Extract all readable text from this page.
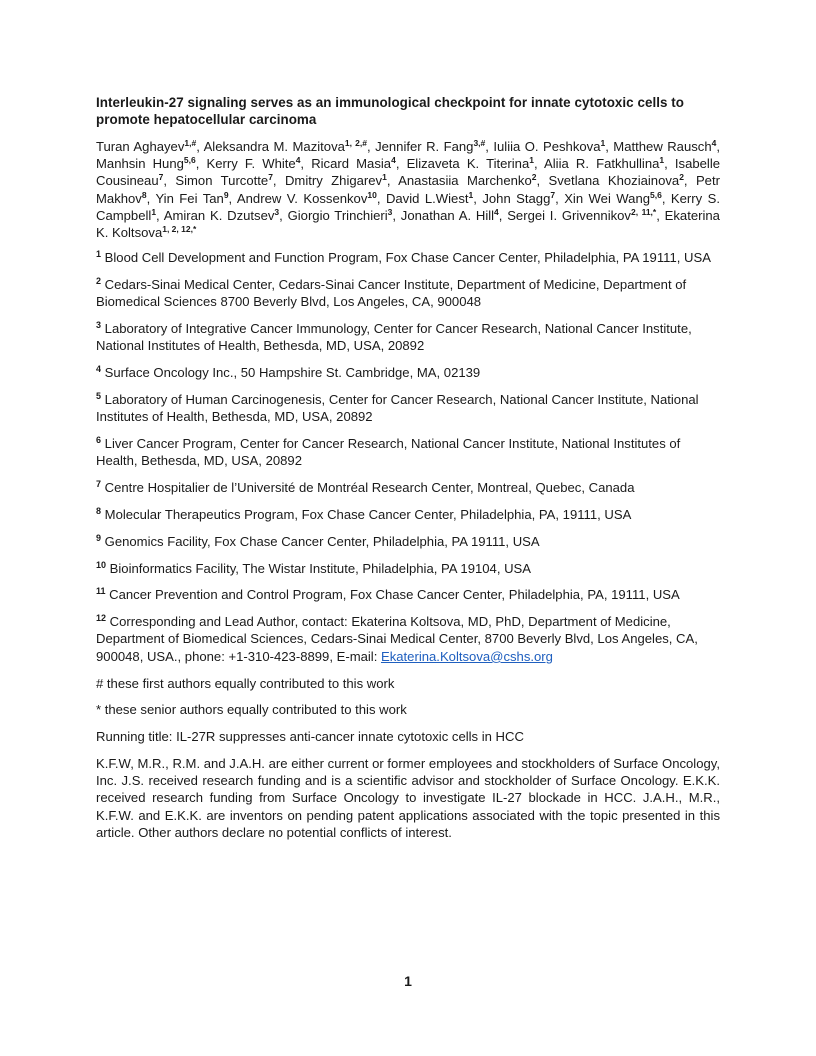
Interleukin-27 signaling serves as an immunological checkpoint for innate cytotoxic cells to promote hepatocellular carcinoma

Turan Aghayev$^{1,\#}$, Aleksandra M. Mazitova$^{1, 2,\#}$, Jennifer R. Fang$^{3,\#}$, Iuliia O. Peshkova$^1$, Matthew Rausch$^4$, Manhsin Hung$^{5,6}$, Kerry F. White$^4$, Ricard Masia$^4$, Elizaveta K. Titerina$^1$, Aliia R. Fatkhullina$^1$, Isabelle Cousineau$^7$, Simon Turcotte$^7$, Dmitry Zhigarev$^1$, Anastasiia Marchenko$^2$, Svetlana Khoziainova$^2$, Petr Makhov$^8$, Yin Fei Tan$^9$, Andrew V. Kossenkov$^{10}$, David L.Wiest$^1$, John Stagg$^7$, Xin Wei Wang$^{5,6}$, Kerry S. Campbell$^1$, Amiran K. Dzutsev$^3$, Giorgio Trinchieri$^3$, Jonathan A. Hill$^4$, Sergei I. Grivennikov$^{2, 11,*}$, Ekaterina K. Koltsova$^{1, 2, 12,*}$

$^1$ Blood Cell Development and Function Program, Fox Chase Cancer Center, Philadelphia, PA 19111, USA

$^2$ Cedars-Sinai Medical Center, Cedars-Sinai Cancer Institute, Department of Medicine, Department of Biomedical Sciences 8700 Beverly Blvd, Los Angeles, CA, 900048

$^3$ Laboratory of Integrative Cancer Immunology, Center for Cancer Research, National Cancer Institute, National Institutes of Health, Bethesda, MD, USA, 20892

$^4$ Surface Oncology Inc., 50 Hampshire St. Cambridge, MA, 02139

$^5$ Laboratory of Human Carcinogenesis, Center for Cancer Research, National Cancer Institute, National Institutes of Health, Bethesda, MD, USA, 20892

$^6$ Liver Cancer Program, Center for Cancer Research, National Cancer Institute, National Institutes of Health, Bethesda, MD, USA, 20892

$^7$ Centre Hospitalier de l’Université de Montréal Research Center, Montreal, Quebec, Canada

$^8$ Molecular Therapeutics Program, Fox Chase Cancer Center, Philadelphia, PA, 19111, USA

$^9$ Genomics Facility, Fox Chase Cancer Center, Philadelphia, PA 19111, USA

$^{10}$ Bioinformatics Facility, The Wistar Institute, Philadelphia, PA 19104, USA

$^{11}$ Cancer Prevention and Control Program, Fox Chase Cancer Center, Philadelphia, PA, 19111, USA

$^{12}$ Corresponding and Lead Author, contact: Ekaterina Koltsova, MD, PhD, Department of Medicine, Department of Biomedical Sciences, Cedars-Sinai Medical Center, 8700 Beverly Blvd, Los Angeles, CA, 900048, USA., phone: +1-310-423-8899, E-mail: Ekaterina.Koltsova@cshs.org

# these first authors equally contributed to this work

* these senior authors equally contributed to this work

Running title: IL-27R suppresses anti-cancer innate cytotoxic cells in HCC

K.F.W, M.R., R.M. and J.A.H. are either current or former employees and stockholders of Surface Oncology, Inc. J.S. received research funding and is a scientific advisor and stockholder of Surface Oncology. E.K.K. received research funding from Surface Oncology to investigate IL-27 blockade in HCC. J.A.H., M.R., K.F.W. and E.K.K. are inventors on pending patent applications associated with the topic presented in this article. Other authors declare no potential conflicts of interest.

1
